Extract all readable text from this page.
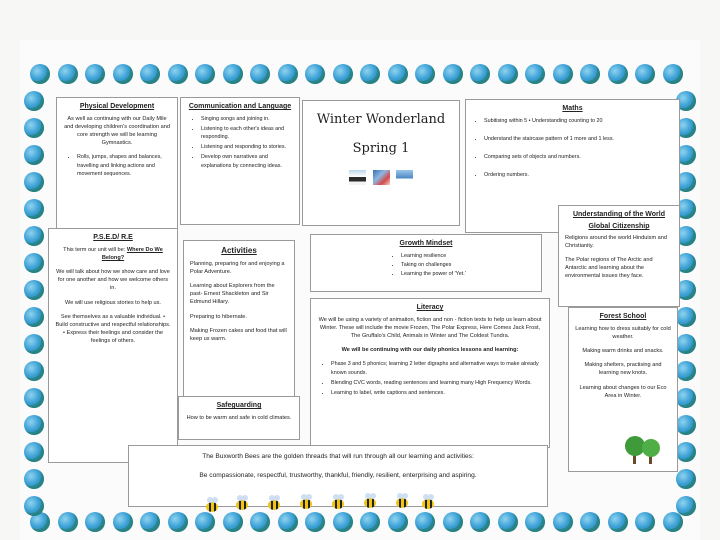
Physical Development

As well as continuing with our Daily Mile and developing children's coordination and core strength we will be learning Gymnastics.

• Rolls, jumps, shapes and balances, travelling and linking actions and movement sequences.
Communication and Language
• Singing songs and joining in.
• Listening to each other's ideas and responding.
• Listening and responding to stories.
• Develop own narratives and explanations by connecting ideas.
Winter Wonderland
Spring 1

Maths
• Subitising within 5 • Understanding counting to 20
• Understand the staircase pattern of 1 more and 1 less.
• Comparing sets of objects and numbers.
• Ordering numbers.
Understanding of the World
Global Citizenship

Religions around the world Hinduism and Christianity.

The Polar regions of The Arctic and Antarctic and learning about the environmental issues they face.

P.S.E.D/ R.E

This term our unit will be: Where Do We Belong?

We will talk about how we show care and love for one another and how we welcome others in.

We will use religious stories to help us.

See themselves as a valuable individual. • Build constructive and respectful relationships. • Express their feelings and consider the feelings of others.

Activities

Planning, preparing for and enjoying a Polar Adventure.

Learning about Explorers from the past- Ernest Shackleton and Sir Edmund Hillary.

Preparing to hibernate.

Making Frozen cakes and food that will keep us warm.

Growth Mindset
• Learning resilience
• Taking on challenges
• Learning the power of 'Yet.'
Literacy

We will be using a variety of animation, fiction and non - fiction texts to help us learn about Winter. These will include the movie Frozen, The Polar Express, Here Comes Jack Frost, The Gruffalo's Child, Animals in Winter and The Coldest Tundra.

We will be continuing with our daily phonics lessons and learning:

• Phase 3 and 5 phonics; learning 2 letter digraphs and alternative ways to make already known sounds.
• Blending CVC words, reading sentences and learning many High Frequency Words.
• Learning to label, write captions and sentences.
Forest School

Learning how to dress suitably for cold weather.

Making warm drinks and snacks.

Making shelters, practising and learning new knots.

Learning about changes to our Eco Area in Winter.

Safeguarding

How to be warm and safe in cold climates.

The Buxworth Bees are the golden threads that will run through all our learning and activities:

Be compassionate, respectful, trustworthy, thankful, friendly, resilient, enterprising and aspiring.
